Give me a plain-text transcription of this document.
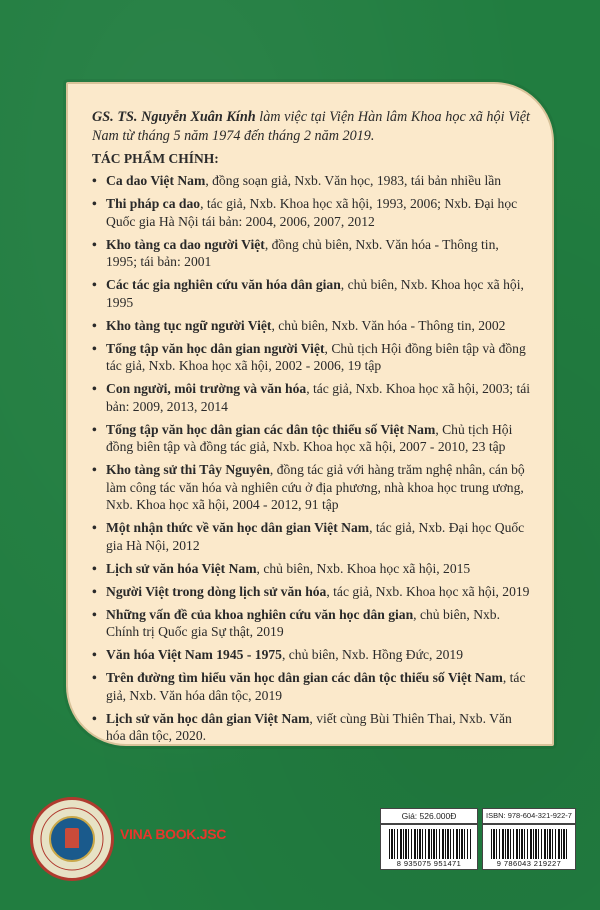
GS. TS. Nguyễn Xuân Kính làm việc tại Viện Hàn lâm Khoa học xã hội Việt Nam từ tháng 5 năm 1974 đến tháng 2 năm 2019.
TÁC PHẨM CHÍNH:
• Ca dao Việt Nam, đồng soạn giả, Nxb. Văn học, 1983, tái bản nhiều lần
• Thi pháp ca dao, tác giả, Nxb. Khoa học xã hội, 1993, 2006; Nxb. Đại học Quốc gia Hà Nội tái bản: 2004, 2006, 2007, 2012
• Kho tàng ca dao người Việt, đồng chủ biên, Nxb. Văn hóa - Thông tin, 1995; tái bản: 2001
• Các tác gia nghiên cứu văn hóa dân gian, chủ biên, Nxb. Khoa học xã hội, 1995
• Kho tàng tục ngữ người Việt, chủ biên, Nxb. Văn hóa - Thông tin, 2002
• Tổng tập văn học dân gian người Việt, Chủ tịch Hội đồng biên tập và đồng tác giả, Nxb. Khoa học xã hội, 2002 - 2006, 19 tập
• Con người, môi trường và văn hóa, tác giả, Nxb. Khoa học xã hội, 2003; tái bản: 2009, 2013, 2014
• Tổng tập văn học dân gian các dân tộc thiểu số Việt Nam, Chủ tịch Hội đồng biên tập và đồng tác giả, Nxb. Khoa học xã hội, 2007 - 2010, 23 tập
• Kho tàng sử thi Tây Nguyên, đồng tác giả với hàng trăm nghệ nhân, cán bộ làm công tác văn hóa và nghiên cứu ở địa phương, nhà khoa học trung ương, Nxb. Khoa học xã hội, 2004 - 2012, 91 tập
• Một nhận thức về văn học dân gian Việt Nam, tác giả, Nxb. Đại học Quốc gia Hà Nội, 2012
• Lịch sử văn hóa Việt Nam, chủ biên, Nxb. Khoa học xã hội, 2015
• Người Việt trong dòng lịch sử văn hóa, tác giả, Nxb. Khoa học xã hội, 2019
• Những vấn đề của khoa nghiên cứu văn học dân gian, chủ biên, Nxb. Chính trị Quốc gia Sự thật, 2019
• Văn hóa Việt Nam 1945 - 1975, chủ biên, Nxb. Hồng Đức, 2019
• Trên đường tìm hiểu văn học dân gian các dân tộc thiểu số Việt Nam, tác giả, Nxb. Văn hóa dân tộc, 2019
• Lịch sử văn học dân gian Việt Nam, viết cùng Bùi Thiên Thai, Nxb. Văn hóa dân tộc, 2020.
VINA BOOK.JSC
Giá: 526.000Đ	ISBN: 978-604-321-922-7
8 935075 951471	9 786043 219227
